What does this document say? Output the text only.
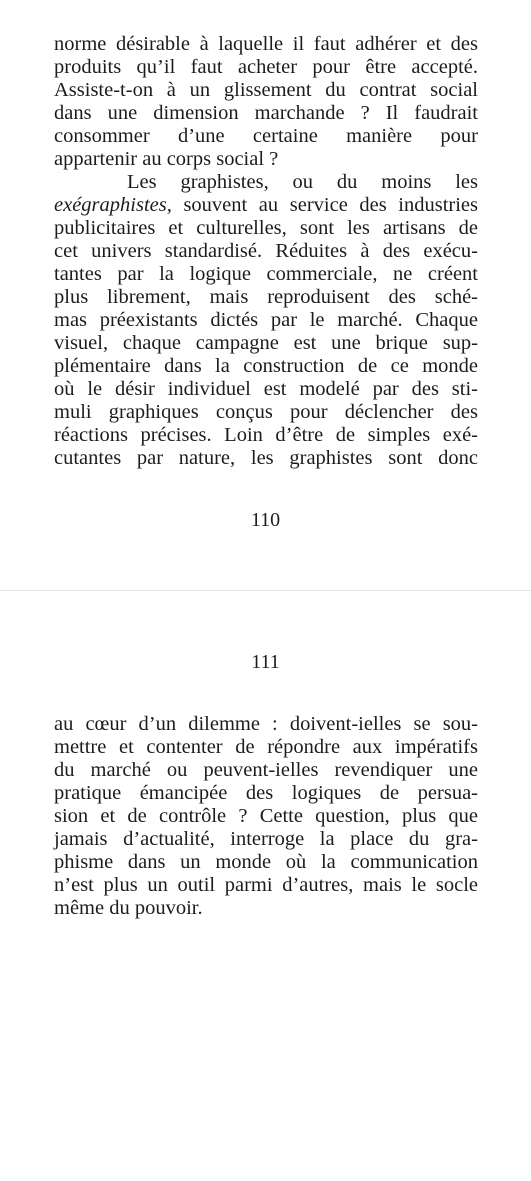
norme désirable à laquelle il faut adhérer et des
produits qu’il faut acheter pour être accepté.
Assiste-t-on à un glissement du contrat social
dans une dimension marchande ? Il faudrait
consommer d’une certaine manière pour
appartenir au corps social ?
Les graphistes, ou du moins les
exégraphistes, souvent au service des industries
publicitaires et culturelles, sont les artisans de
cet univers standardisé. Réduites à des exécu-
tantes par la logique commerciale, ne créent
plus librement, mais reproduisent des sché-
mas préexistants dictés par le marché. Chaque
visuel, chaque campagne est une brique sup-
plémentaire dans la construction de ce monde
où le désir individuel est modelé par des sti-
muli graphiques conçus pour déclencher des
réactions précises. Loin d’être de simples exé-
cutantes par nature, les graphistes sont donc
110
111
au cœur d’un dilemme : doivent-ielles se sou-
mettre et contenter de répondre aux impératifs
du marché ou peuvent-ielles revendiquer une
pratique émancipée des logiques de persua-
sion et de contrôle ? Cette question, plus que
jamais d’actualité, interroge la place du gra-
phisme dans un monde où la communication
n’est plus un outil parmi d’autres, mais le socle
même du pouvoir.
